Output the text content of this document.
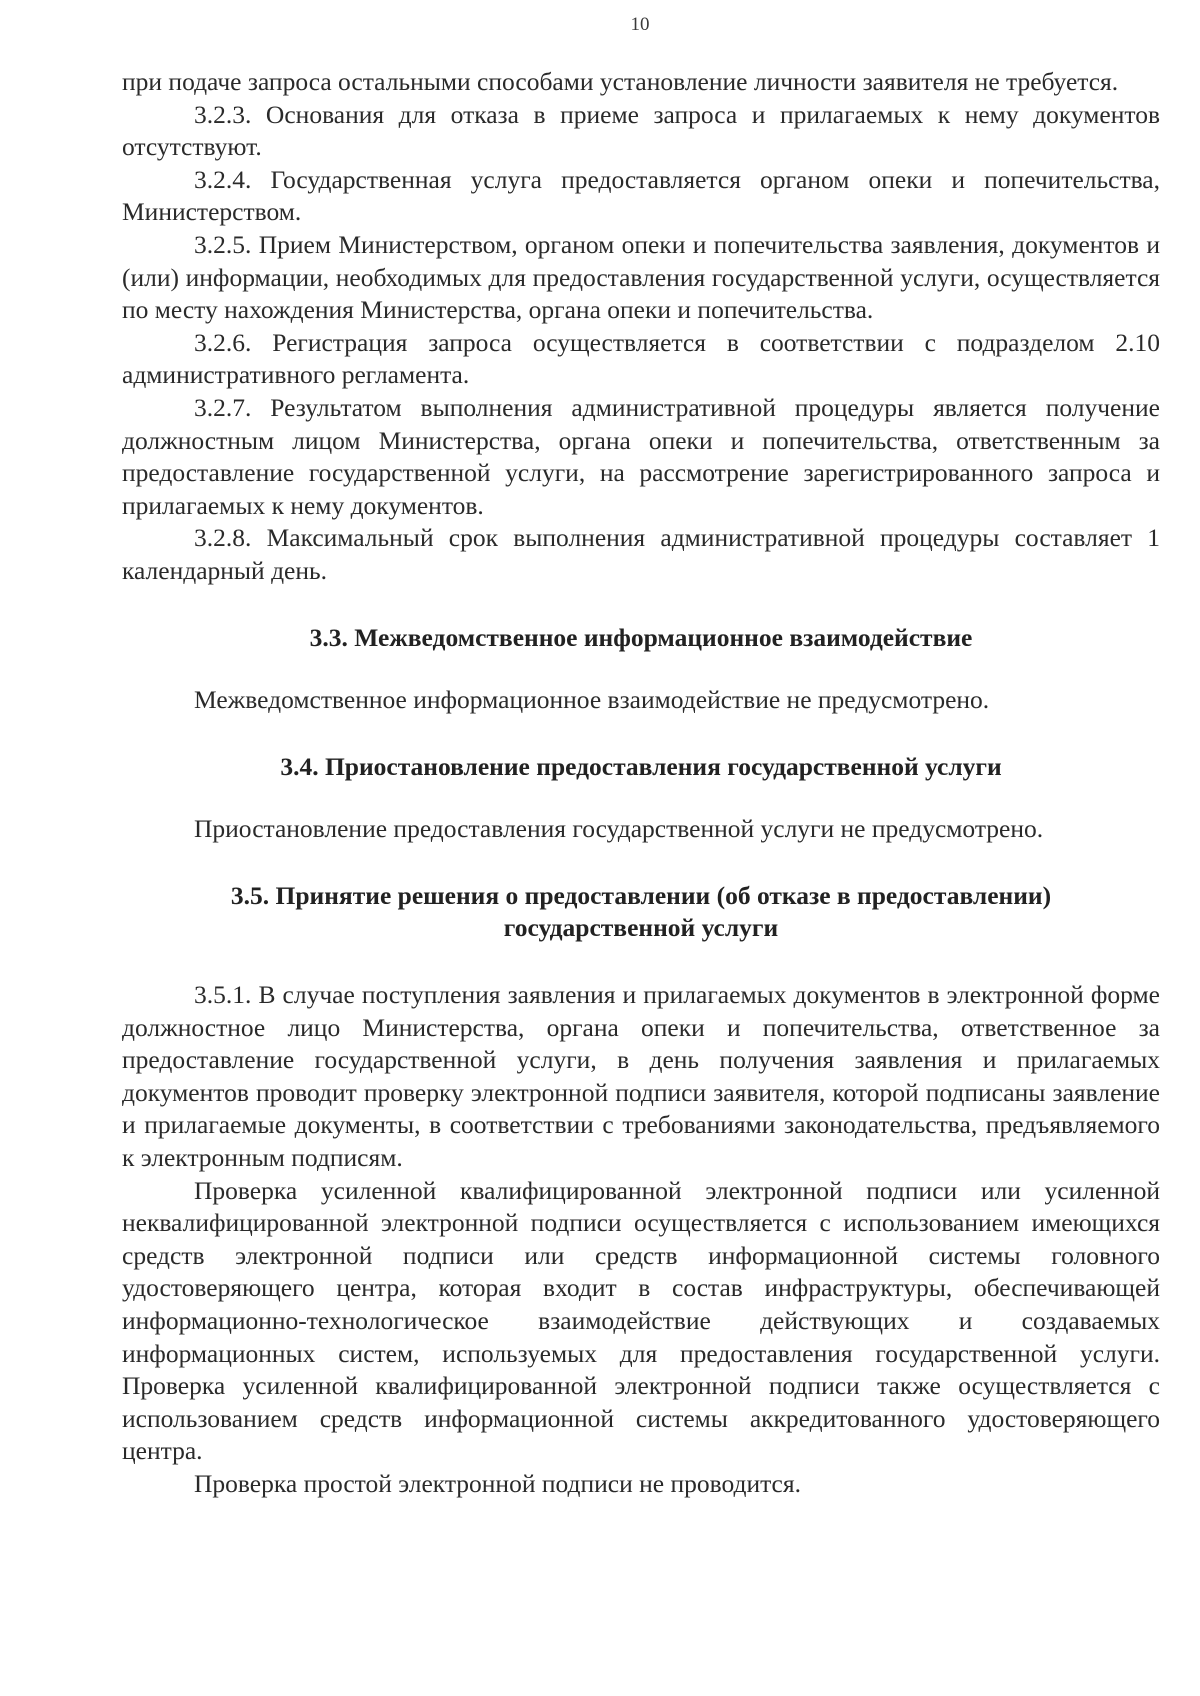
10

при подаче запроса остальными способами установление личности заявителя не требуется.

3.2.3. Основания для отказа в приеме запроса и прилагаемых к нему документов отсутствуют.

3.2.4. Государственная услуга предоставляется органом опеки и попечительства, Министерством.

3.2.5. Прием Министерством, органом опеки и попечительства заявления, документов и (или) информации, необходимых для предоставления государственной услуги, осуществляется по месту нахождения Министерства, органа опеки и попечительства.

3.2.6. Регистрация запроса осуществляется в соответствии с подразделом 2.10 административного регламента.

3.2.7. Результатом выполнения административной процедуры является получение должностным лицом Министерства, органа опеки и попечительства, ответственным за предоставление государственной услуги, на рассмотрение зарегистрированного запроса и прилагаемых к нему документов.

3.2.8. Максимальный срок выполнения административной процедуры составляет 1 календарный день.

3.3. Межведомственное информационное взаимодействие

Межведомственное информационное взаимодействие не предусмотрено.

3.4. Приостановление предоставления государственной услуги

Приостановление предоставления государственной услуги не предусмотрено.

3.5. Принятие решения о предоставлении (об отказе в предоставлении) государственной услуги

3.5.1. В случае поступления заявления и прилагаемых документов в электронной форме должностное лицо Министерства, органа опеки и попечительства, ответственное за предоставление государственной услуги, в день получения заявления и прилагаемых документов проводит проверку электронной подписи заявителя, которой подписаны заявление и прилагаемые документы, в соответствии с требованиями законодательства, предъявляемого к электронным подписям.

Проверка усиленной квалифицированной электронной подписи или усиленной неквалифицированной электронной подписи осуществляется с использованием имеющихся средств электронной подписи или средств информационной системы головного удостоверяющего центра, которая входит в состав инфраструктуры, обеспечивающей информационно-технологическое взаимодействие действующих и создаваемых информационных систем, используемых для предоставления государственной услуги. Проверка усиленной квалифицированной электронной подписи также осуществляется с использованием средств информационной системы аккредитованного удостоверяющего центра.

Проверка простой электронной подписи не проводится.
